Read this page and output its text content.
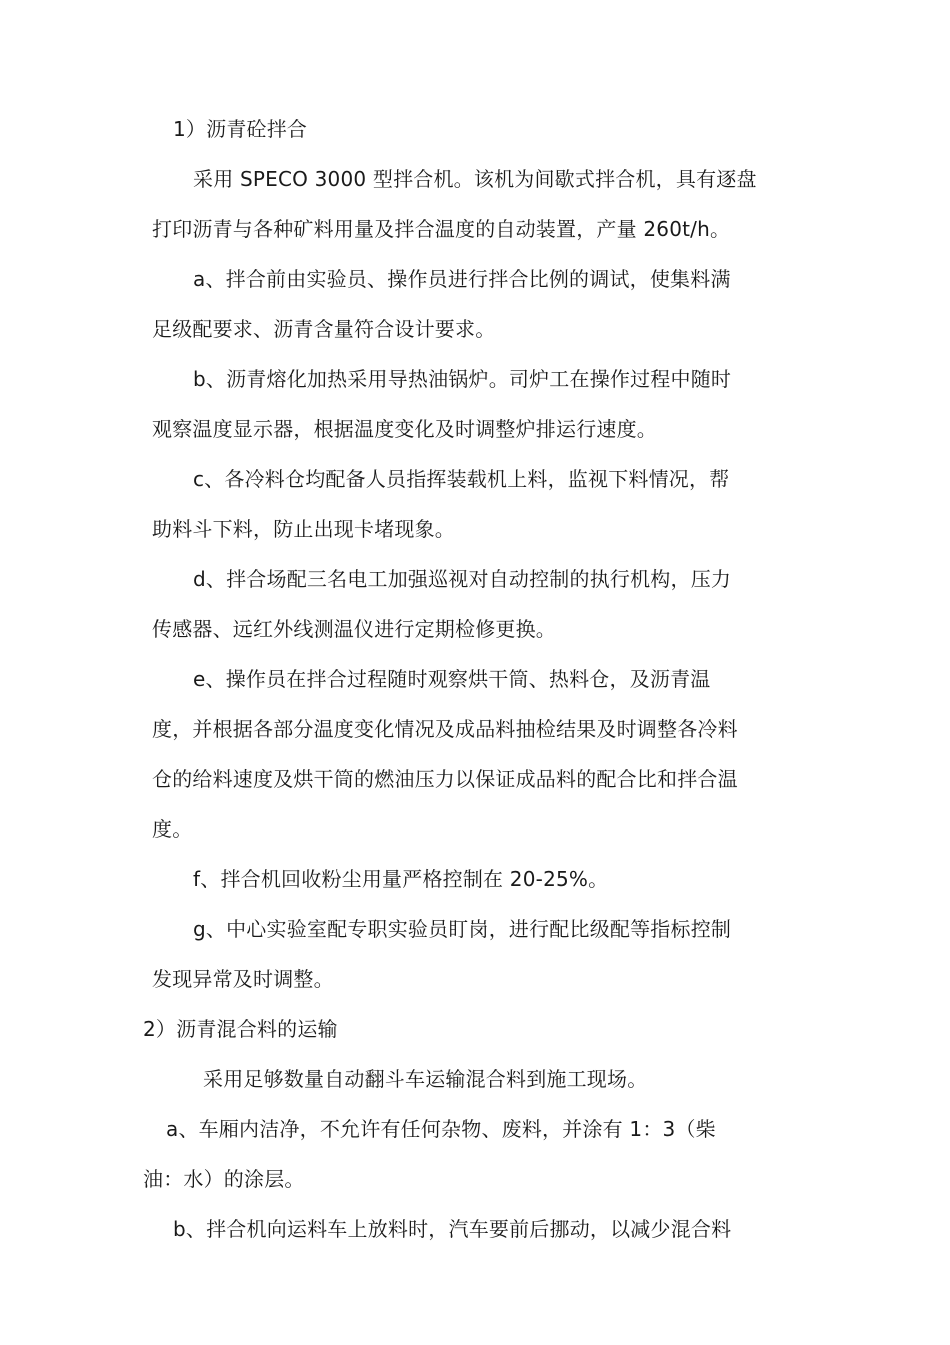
1）沥青砼拌合
采用 SPECO 3000 型拌合机。该机为间歇式拌合机，具有逐盘
打印沥青与各种矿料用量及拌合温度的自动装置，产量 260t/h。
a、拌合前由实验员、操作员进行拌合比例的调试，使集料满
足级配要求、沥青含量符合设计要求。
b、沥青熔化加热采用导热油锅炉。司炉工在操作过程中随时
观察温度显示器，根据温度变化及时调整炉排运行速度。
c、各冷料仓均配备人员指挥装载机上料，监视下料情况，帮
助料斗下料，防止出现卡堵现象。
d、拌合场配三名电工加强巡视对自动控制的执行机构，压力
传感器、远红外线测温仪进行定期检修更换。
e、操作员在拌合过程随时观察烘干筒、热料仓，及沥青温
度，并根据各部分温度变化情况及成品料抽检结果及时调整各冷料
仓的给料速度及烘干筒的燃油压力以保证成品料的配合比和拌合温
度。
f、拌合机回收粉尘用量严格控制在 20-25%。
g、中心实验室配专职实验员盯岗，进行配比级配等指标控制
发现异常及时调整。
2）沥青混合料的运输
采用足够数量自动翻斗车运输混合料到施工现场。
a、车厢内洁净，不允许有任何杂物、废料，并涂有 1：3（柴
油：水）的涂层。
b、拌合机向运料车上放料时，汽车要前后挪动，以减少混合料
